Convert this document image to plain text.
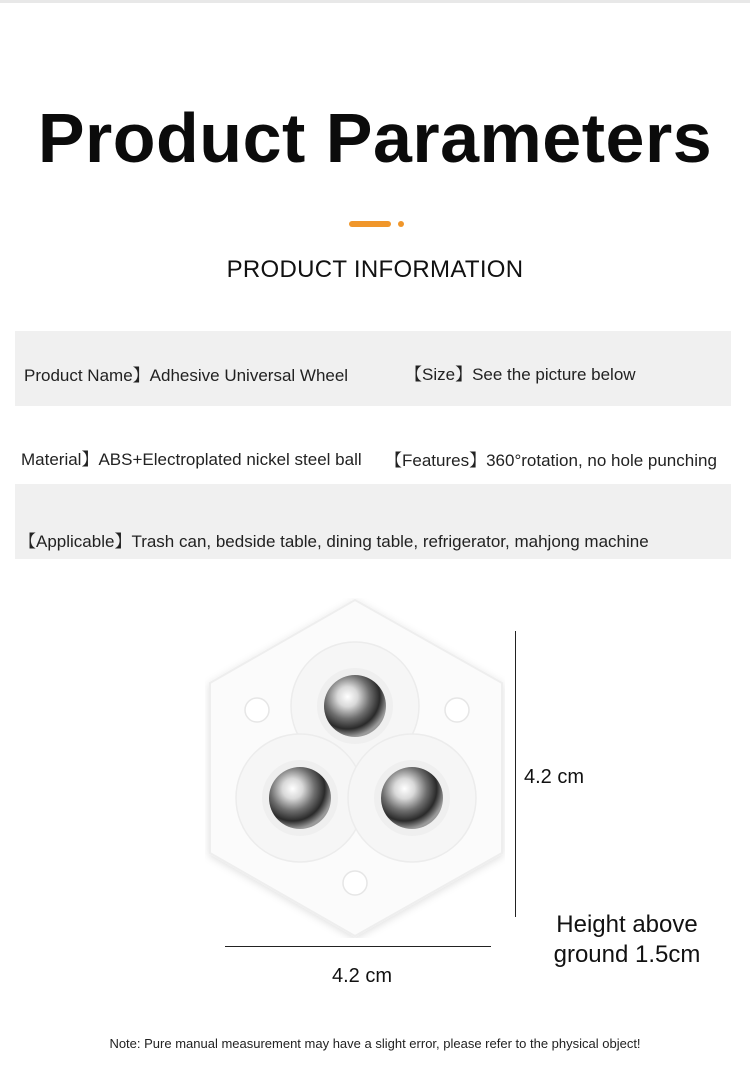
Product Parameters
PRODUCT INFORMATION
Product Name】Adhesive Universal Wheel	【Size】See the picture below
Material】ABS+Electroplated nickel steel ball 【Features】360°rotation, no hole punching
【Applicable】Trash can, bedside table, dining table, refrigerator, mahjong machine
4.2 cm
4.2 cm
Height above ground 1.5cm
Note: Pure manual measurement may have a slight error, please refer to the physical object!
